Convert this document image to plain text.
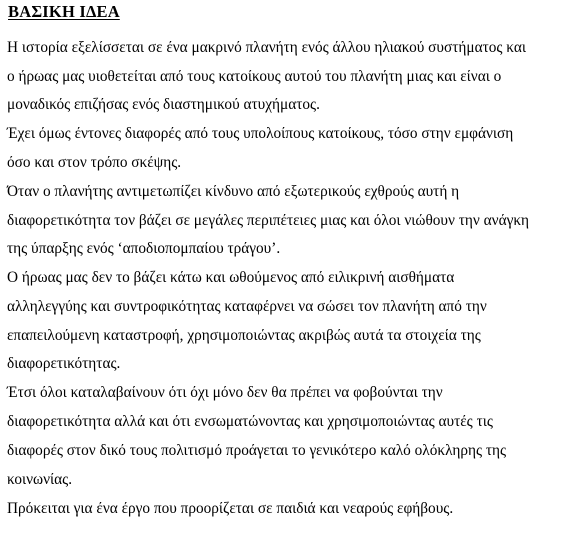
ΒΑΣΙΚΗ ΙΔΕΑ

Η ιστορία εξελίσσεται σε ένα μακρινό πλανήτη ενός άλλου ηλιακού συστήματος και

ο ήρωας μας υιοθετείται από τους κατοίκους αυτού του πλανήτη μιας και είναι ο

μοναδικός επιζήσας ενός διαστημικού ατυχήματος.

Έχει όμως έντονες διαφορές από τους υπολοίπους κατοίκους, τόσο στην εμφάνιση

όσο και στον τρόπο σκέψης.

Όταν ο πλανήτης αντιμετωπίζει κίνδυνο από εξωτερικούς εχθρούς αυτή η

διαφορετικότητα τον βάζει σε μεγάλες περιπέτειες μιας και όλοι νιώθουν την ανάγκη

της ύπαρξης ενός ‘αποδιοπομπαίου τράγου’.

Ο ήρωας μας δεν το βάζει κάτω και ωθούμενος από ειλικρινή αισθήματα

αλληλεγγύης και συντροφικότητας καταφέρνει να σώσει τον πλανήτη από την

επαπειλούμενη καταστροφή, χρησιμοποιώντας ακριβώς αυτά τα στοιχεία της

διαφορετικότητας.

Έτσι όλοι καταλαβαίνουν ότι όχι μόνο δεν θα πρέπει να φοβούνται την

διαφορετικότητα αλλά και ότι ενσωματώνοντας και χρησιμοποιώντας αυτές τις

διαφορές στον δικό τους πολιτισμό προάγεται το γενικότερο καλό ολόκληρης της

κοινωνίας.

Πρόκειται για ένα έργο που προορίζεται σε παιδιά και νεαρούς εφήβους.
